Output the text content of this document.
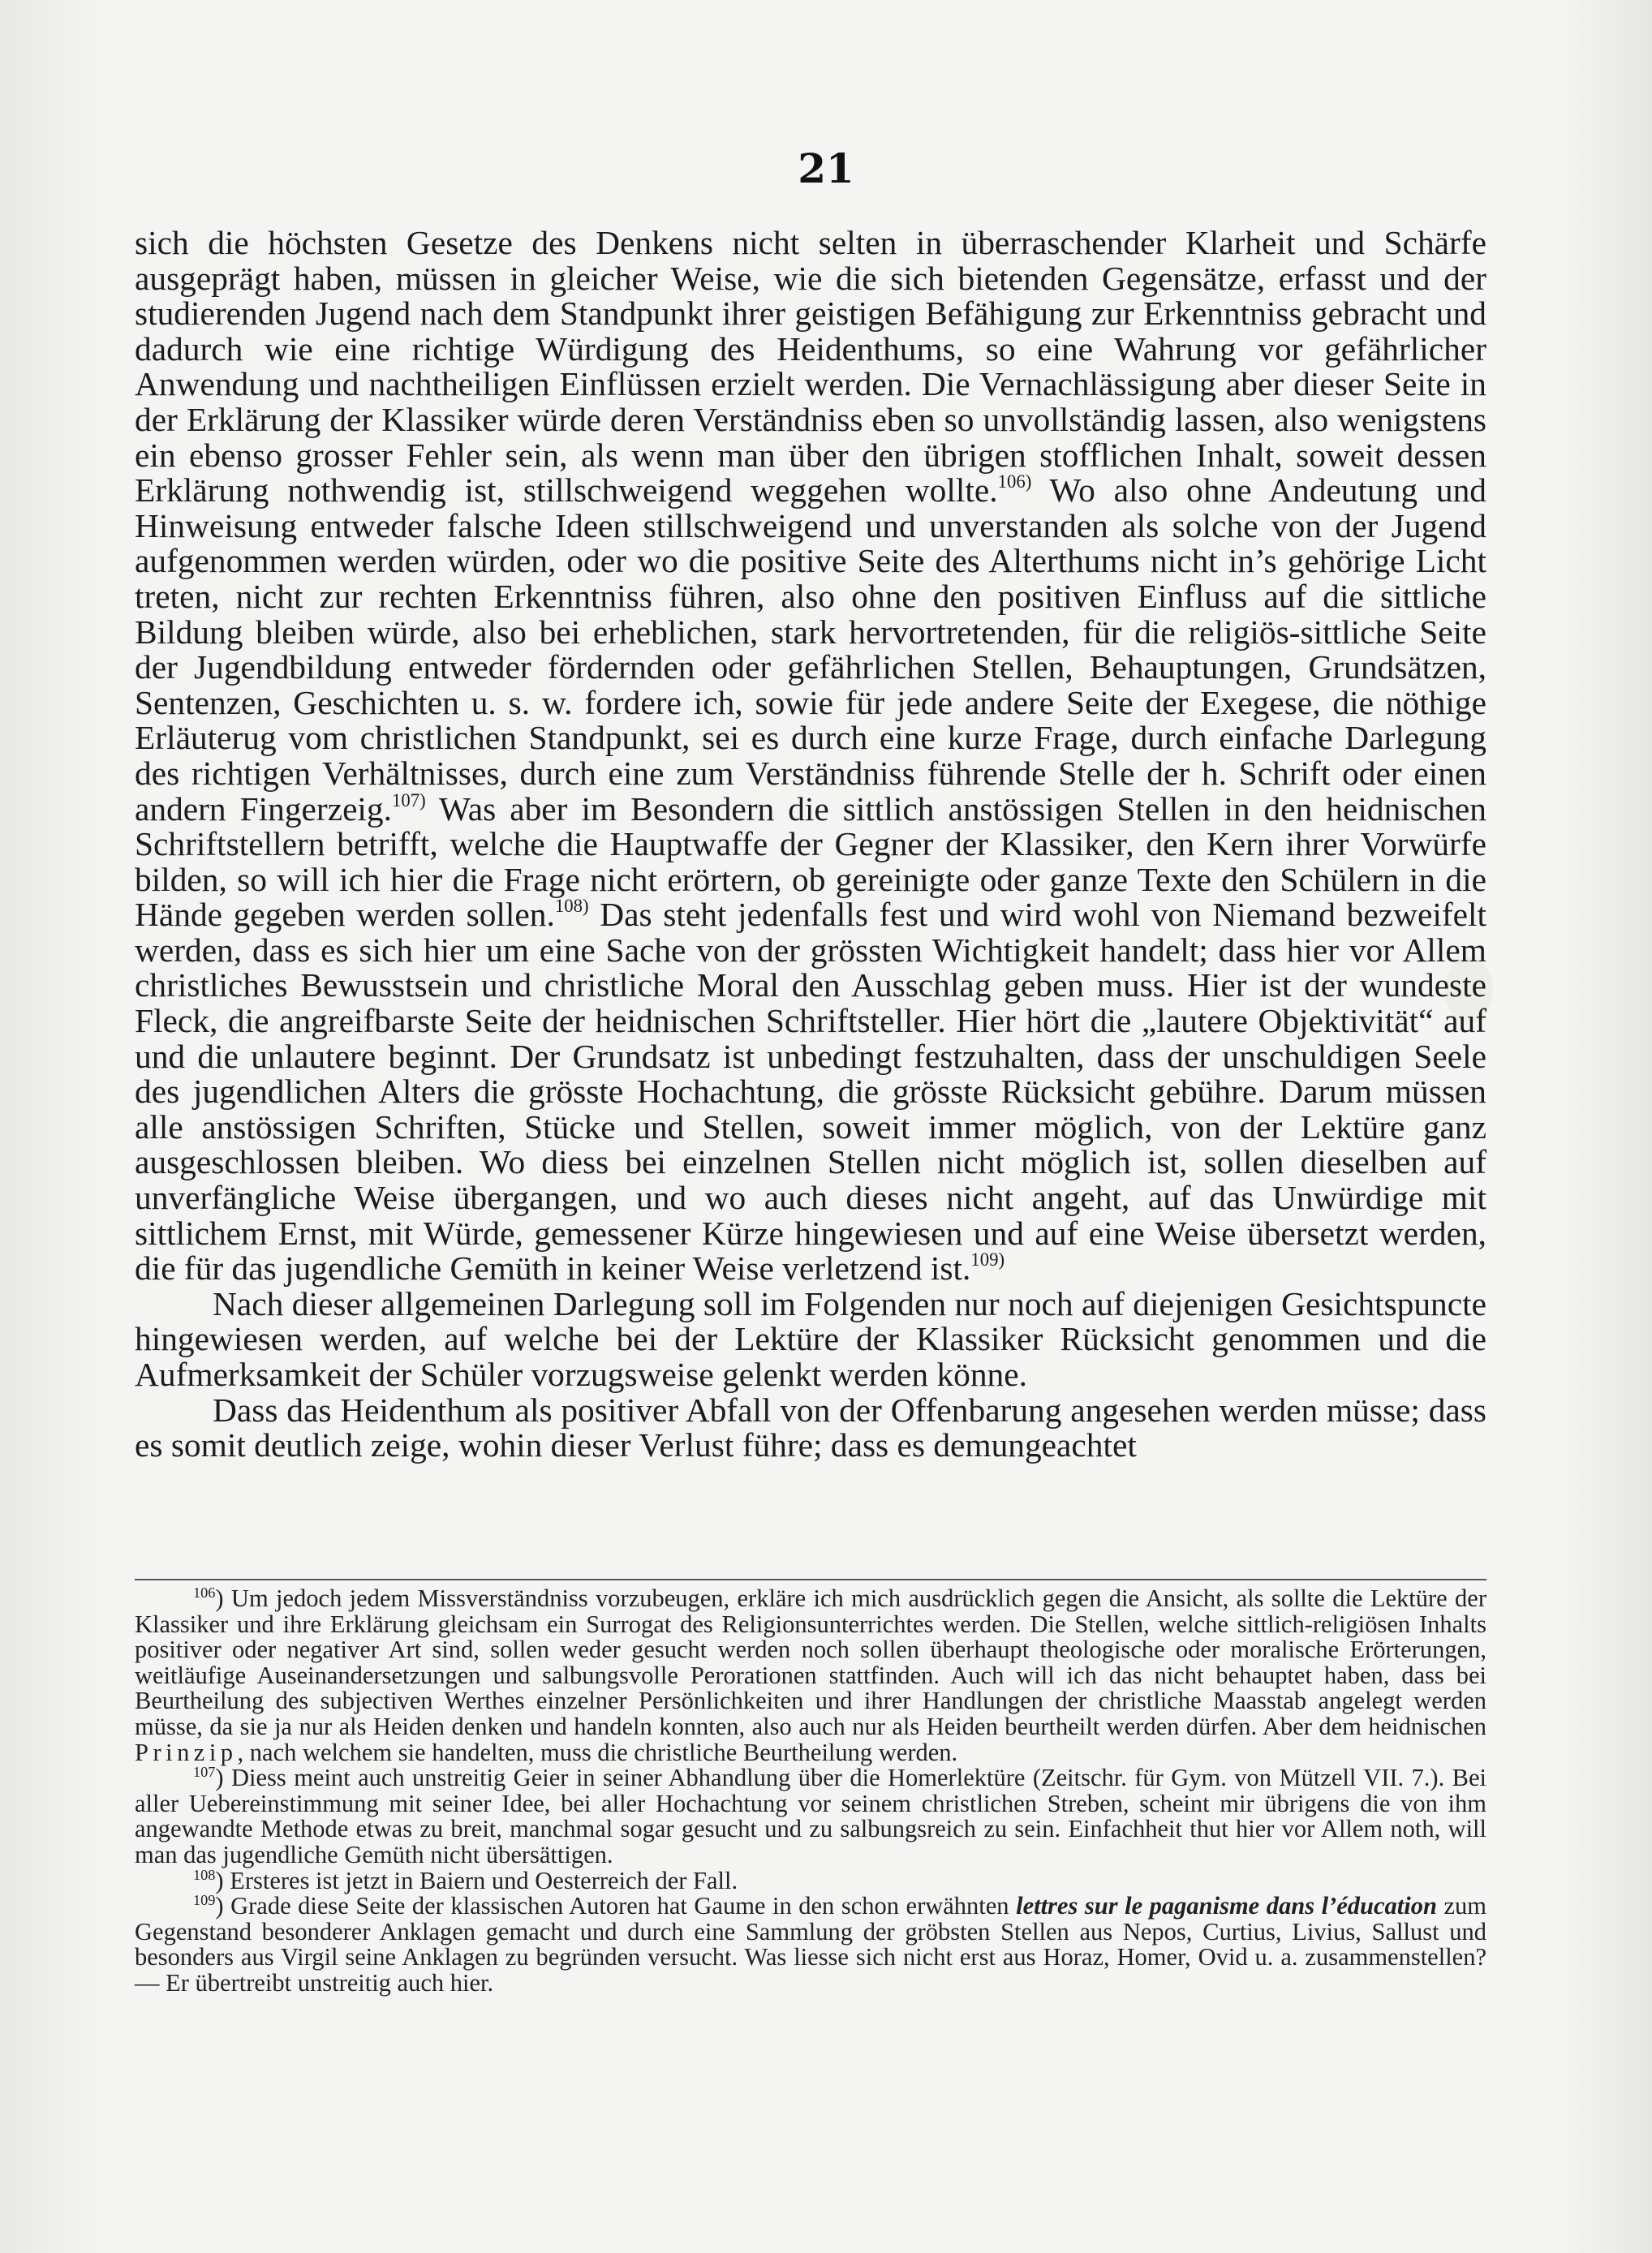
21

sich die höchsten Gesetze des Denkens nicht selten in überraschender Klarheit und Schärfe ausgeprägt haben, müssen in gleicher Weise, wie die sich bietenden Gegensätze, erfasst und der studierenden Jugend nach dem Standpunkt ihrer geistigen Befähigung zur Erkenntniss gebracht und dadurch wie eine richtige Würdigung des Heidenthums, so eine Wahrung vor gefährlicher Anwendung und nachtheiligen Einflüssen erzielt werden. Die Vernachlässigung aber dieser Seite in der Erklärung der Klassiker würde deren Verständniss eben so unvollständig lassen, also wenigstens ein ebenso grosser Fehler sein, als wenn man über den übrigen stofflichen Inhalt, soweit dessen Erklärung nothwendig ist, stillschweigend weggehen wollte.$^{106)}$ Wo also ohne Andeutung und Hinweisung entweder falsche Ideen stillschweigend und unverstanden als solche von der Jugend aufgenommen werden würden, oder wo die positive Seite des Alterthums nicht in’s gehörige Licht treten, nicht zur rechten Erkenntniss führen, also ohne den positiven Einfluss auf die sittliche Bildung bleiben würde, also bei erheblichen, stark hervortretenden, für die religiös-sittliche Seite der Jugendbildung entweder fördernden oder gefährlichen Stellen, Behauptungen, Grundsätzen, Sentenzen, Geschichten u. s. w. fordere ich, sowie für jede andere Seite der Exegese, die nöthige Erläuterug vom christlichen Standpunkt, sei es durch eine kurze Frage, durch einfache Darlegung des richtigen Verhältnisses, durch eine zum Verständniss führende Stelle der h. Schrift oder einen andern Fingerzeig.$^{107)}$ Was aber im Besondern die sittlich anstössigen Stellen in den heidnischen Schriftstellern betrifft, welche die Hauptwaffe der Gegner der Klassiker, den Kern ihrer Vorwürfe bilden, so will ich hier die Frage nicht erörtern, ob gereinigte oder ganze Texte den Schülern in die Hände gegeben werden sollen.$^{108)}$ Das steht jedenfalls fest und wird wohl von Niemand bezweifelt werden, dass es sich hier um eine Sache von der grössten Wichtigkeit handelt; dass hier vor Allem christliches Bewusstsein und christliche Moral den Ausschlag geben muss. Hier ist der wundeste Fleck, die angreifbarste Seite der heidnischen Schriftsteller. Hier hört die „lautere Objektivität“ auf und die unlautere beginnt. Der Grundsatz ist unbedingt festzuhalten, dass der unschuldigen Seele des jugendlichen Alters die grösste Hochachtung, die grösste Rücksicht gebühre. Darum müssen alle anstössigen Schriften, Stücke und Stellen, soweit immer möglich, von der Lektüre ganz ausgeschlossen bleiben. Wo diess bei einzelnen Stellen nicht möglich ist, sollen dieselben auf unverfängliche Weise übergangen, und wo auch dieses nicht angeht, auf das Unwürdige mit sittlichem Ernst, mit Würde, gemessener Kürze hingewiesen und auf eine Weise übersetzt werden, die für das jugendliche Gemüth in keiner Weise verletzend ist.$^{109)}$

Nach dieser allgemeinen Darlegung soll im Folgenden nur noch auf diejenigen Gesichtspuncte hingewiesen werden, auf welche bei der Lektüre der Klassiker Rücksicht genommen und die Aufmerksamkeit der Schüler vorzugsweise gelenkt werden könne.

Dass das Heidenthum als positiver Abfall von der Offenbarung angesehen werden müsse; dass es somit deutlich zeige, wohin dieser Verlust führe; dass es demungeachtet

$^{106}$) Um jedoch jedem Missverständniss vorzubeugen, erkläre ich mich ausdrücklich gegen die Ansicht, als sollte die Lektüre der Klassiker und ihre Erklärung gleichsam ein Surrogat des Religionsunterrichtes werden. Die Stellen, welche sittlich-religiösen Inhalts positiver oder negativer Art sind, sollen weder gesucht werden noch sollen überhaupt theologische oder moralische Erörterungen, weitläufige Auseinandersetzungen und salbungsvolle Perorationen stattfinden. Auch will ich das nicht behauptet haben, dass bei Beurtheilung des subjectiven Werthes einzelner Persönlichkeiten und ihrer Handlungen der christliche Maasstab angelegt werden müsse, da sie ja nur als Heiden denken und handeln konnten, also auch nur als Heiden beurtheilt werden dürfen. Aber dem heidnischen Prinzip, nach welchem sie handelten, muss die christliche Beurtheilung werden.

$^{107}$) Diess meint auch unstreitig Geier in seiner Abhandlung über die Homerlektüre (Zeitschr. für Gym. von Mützell VII. 7.). Bei aller Uebereinstimmung mit seiner Idee, bei aller Hochachtung vor seinem christlichen Streben, scheint mir übrigens die von ihm angewandte Methode etwas zu breit, manchmal sogar gesucht und zu salbungsreich zu sein. Einfachheit thut hier vor Allem noth, will man das jugendliche Gemüth nicht übersättigen.

$^{108}$) Ersteres ist jetzt in Baiern und Oesterreich der Fall.

$^{109}$) Grade diese Seite der klassischen Autoren hat Gaume in den schon erwähnten lettres sur le paganisme dans l’éducation zum Gegenstand besonderer Anklagen gemacht und durch eine Sammlung der gröbsten Stellen aus Nepos, Curtius, Livius, Sallust und besonders aus Virgil seine Anklagen zu begründen versucht. Was liesse sich nicht erst aus Horaz, Homer, Ovid u. a. zusammenstellen? — Er übertreibt unstreitig auch hier.
